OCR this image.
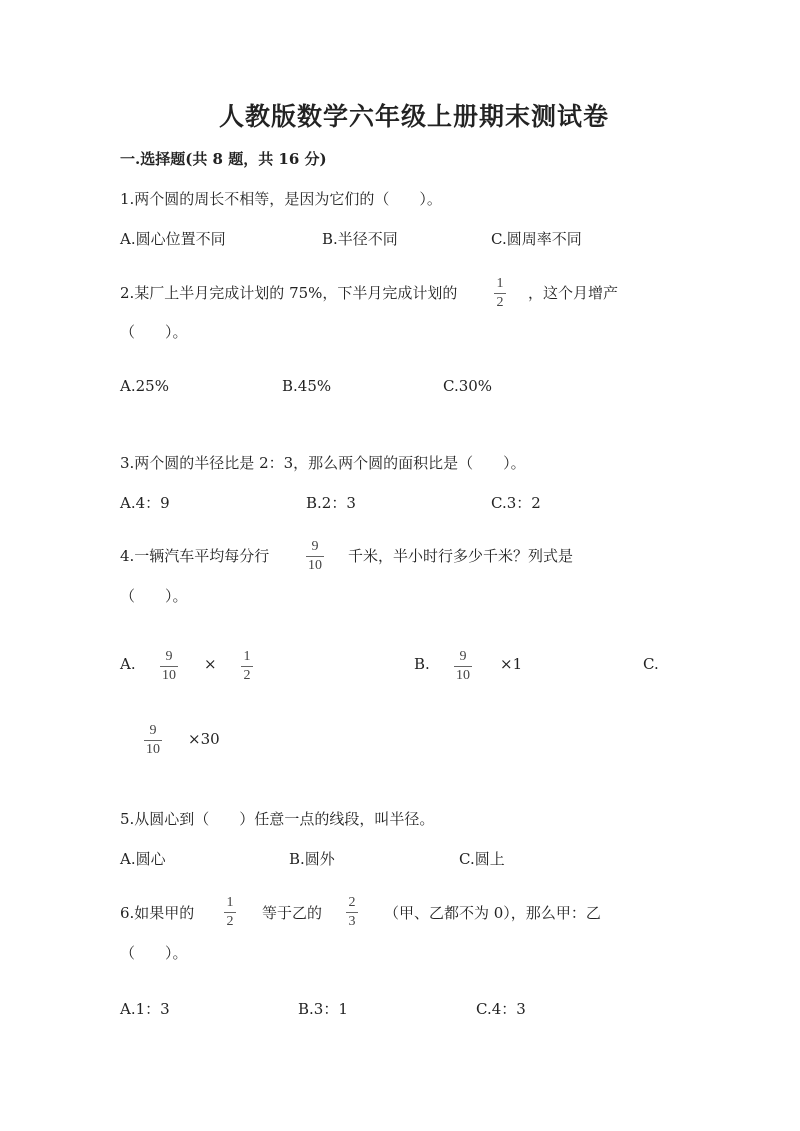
人教版数学六年级上册期末测试卷
一.选择题(共 8 题，共 16 分)
1.两个圆的周长不相等，是因为它们的（　　）。
A.圆心位置不同	B.半径不同	C.圆周率不同
2.某厂上半月完成计划的 75%，下半月完成计划的
1
2
，这个月增产
（　　）。
A.25%	B.45%	C.30%
3.两个圆的半径比是 2：3，那么两个圆的面积比是（　　）。
A.4：9	B.2：3	C.3：2
4.一辆汽车平均每分行
9
10
千米，半小时行多少千米？列式是
（　　）。
A. 9
10
× 1
2
B. 9
10
×1	C.
9
10
×30
5.从圆心到（　　）任意一点的线段，叫半径。
A.圆心	B.圆外	C.圆上
6.如果甲的
1
2 等于乙的
2
3 （甲、乙都不为 0），那么甲：乙
（　　）。
A.1：3	B.3：1	C.4：3
